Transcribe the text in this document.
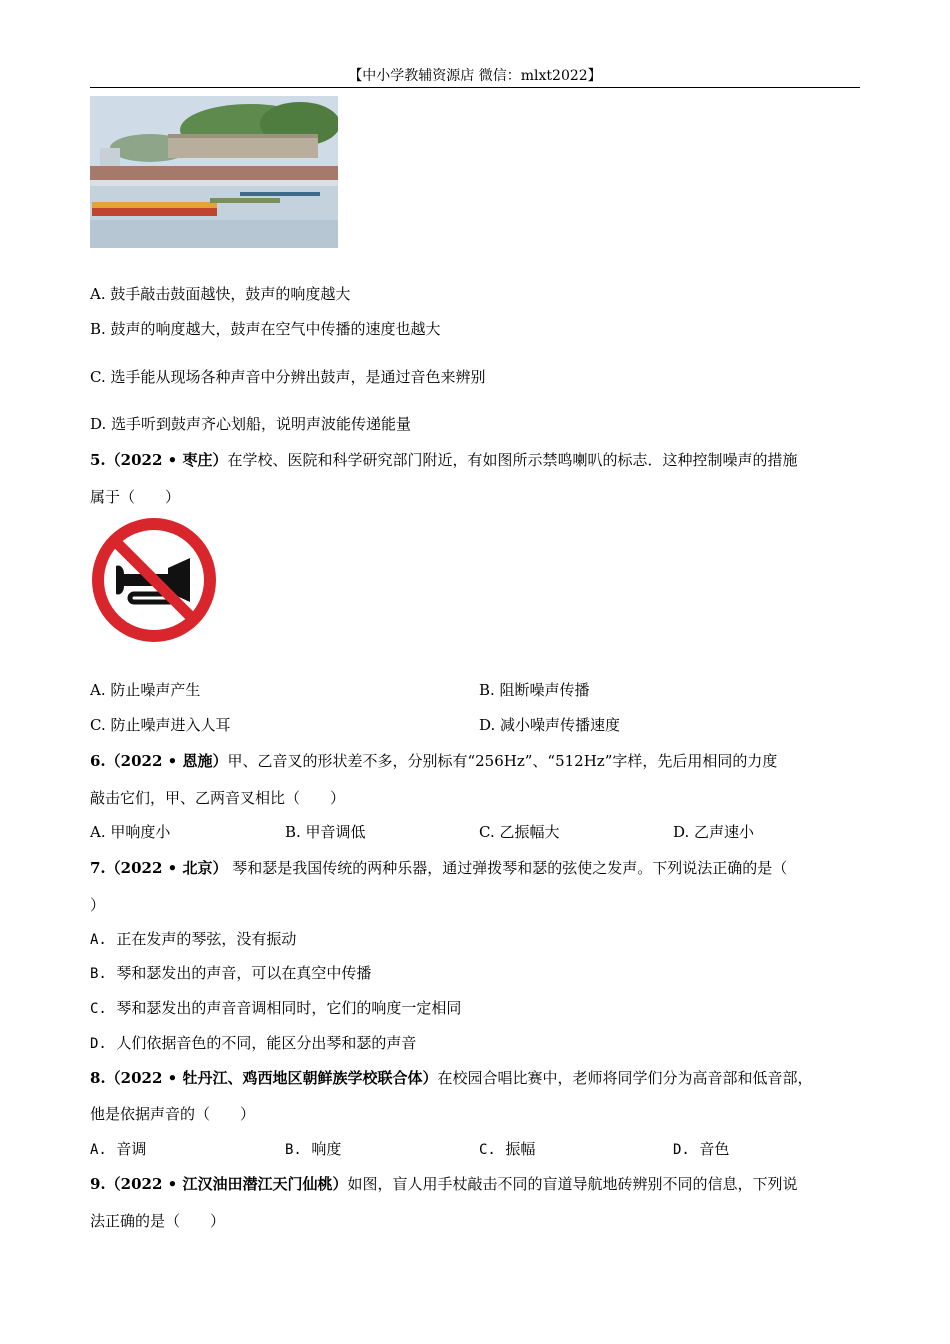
【中小学教辅资源店 微信：mlxt2022】
A. 鼓手敲击鼓面越快，鼓声的响度越大
B. 鼓声的响度越大，鼓声在空气中传播的速度也越大
C. 选手能从现场各种声音中分辨出鼓声，是通过音色来辨别
D. 选手听到鼓声齐心划船，说明声波能传递能量
5.（2022 • 枣庄）在学校、医院和科学研究部门附近，有如图所示禁鸣喇叭的标志．这种控制噪声的措施
属于（　　）
A. 防止噪声产生	B. 阻断噪声传播
C. 防止噪声进入人耳	D. 减小噪声传播速度
6.（2022 • 恩施）甲、乙音叉的形状差不多，分别标有“256Hz”、“512Hz”字样，先后用相同的力度
敲击它们，甲、乙两音叉相比（　　）
A. 甲响度小	B. 甲音调低	C. 乙振幅大	D. 乙声速小
7.（2022 • 北京） 琴和瑟是我国传统的两种乐器，通过弹拨琴和瑟的弦使之发声。下列说法正确的是（
）
A. 正在发声的琴弦，没有振动
B. 琴和瑟发出的声音，可以在真空中传播
C. 琴和瑟发出的声音音调相同时，它们的响度一定相同
D. 人们依据音色的不同，能区分出琴和瑟的声音
8.（2022 • 牡丹江、鸡西地区朝鲜族学校联合体）在校园合唱比赛中，老师将同学们分为高音部和低音部，
他是依据声音的（　　）
A. 音调	B. 响度	C. 振幅	D. 音色
9.（2022 • 江汉油田潜江天门仙桃）如图，盲人用手杖敲击不同的盲道导航地砖辨别不同的信息，下列说
法正确的是（　　）
